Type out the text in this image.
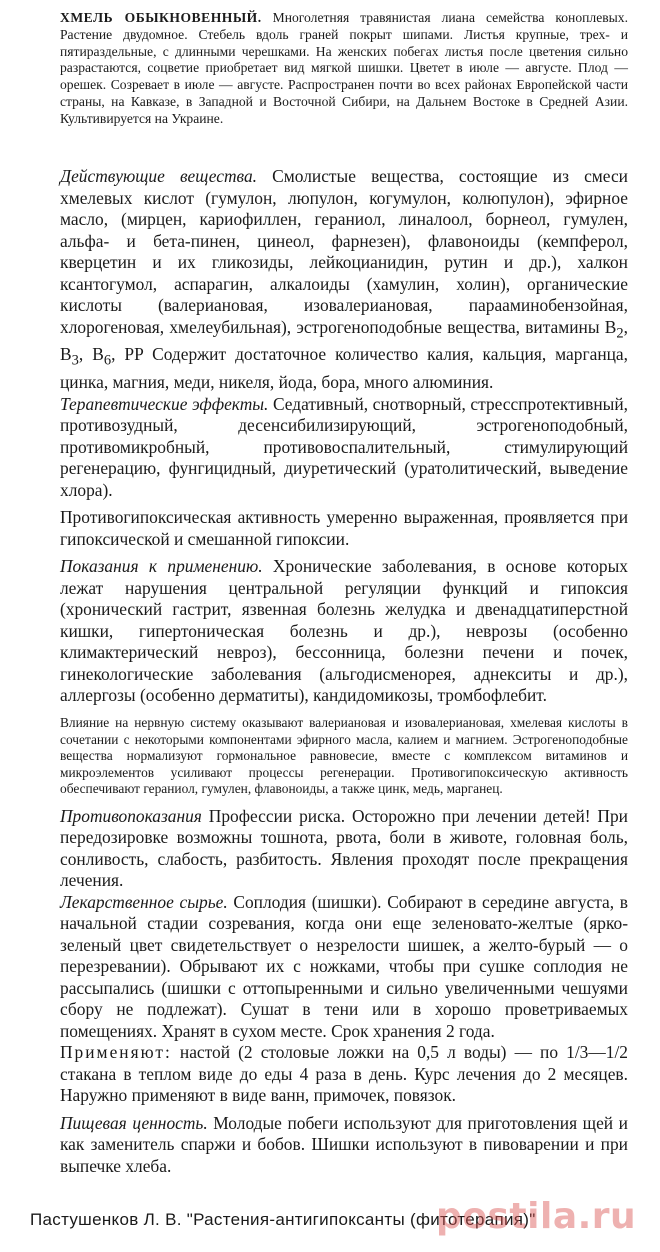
ХМЕЛЬ ОБЫКНОВЕННЫЙ. Многолетняя травянистая лиана семейства коноплевых. Растение двудомное. Стебель вдоль граней покрыт шипами. Листья крупные, трех- и пятираздельные, с длинными черешками. На женских побегах листья после цветения сильно разрастаются, соцветие приобретает вид мягкой шишки. Цветет в июле — августе. Плод — орешек. Созревает в июле — августе. Распространен почти во всех районах Европейской части страны, на Кавказе, в Западной и Восточной Сибири, на Дальнем Востоке в Средней Азии. Культивируется на Украине.

Действующие вещества. Смолистые вещества, состоящие из смеси хмелевых кислот (гумулон, люпулон, когумулон, колюпулон), эфирное масло, (мирцен, кариофиллен, гераниол, линалоол, борнеол, гумулен, альфа- и бета-пинен, цинеол, фарнезен), флавоноиды (кемпферол, кверцетин и их гликозиды, лейкоцианидин, рутин и др.), халкон ксантогумол, аспарагин, алкалоиды (хамулин, холин), органические кислоты (валериановая, изовалериановая, парааминобензойная, хлорогеновая, хмелеубильная), эстрогеноподобные вещества, витамины $B_2$, $B_3$, $B_6$, PP Содержит достаточное количество калия, кальция, марганца, цинка, магния, меди, никеля, йода, бора, много алюминия.

Терапевтические эффекты. Седативный, снотворный, стресспротективный, противозудный, десенсибилизирующий, эстрогеноподобный, противомикробный, противовоспалительный, стимулирующий регенерацию, фунгицидный, диуретический (уратолитический, выведение хлора).

Противогипоксическая активность умеренно выраженная, проявляется при гипоксической и смешанной гипоксии.

Показания к применению. Хронические заболевания, в основе которых лежат нарушения центральной регуляции функций и гипоксия (хронический гастрит, язвенная болезнь желудка и двенадцатиперстной кишки, гипертоническая болезнь и др.), неврозы (особенно климактерический невроз), бессонница, болезни печени и почек, гинекологические заболевания (альгодисменорея, аднекситы и др.), аллергозы (особенно дерматиты), кандидомикозы, тромбофлебит.

Влияние на нервную систему оказывают валериановая и изовалериановая, хмелевая кислоты в сочетании с некоторыми компонентами эфирного масла, калием и магнием. Эстрогеноподобные вещества нормализуют гормональное равновесие, вместе с комплексом витаминов и микроэлементов усиливают процессы регенерации. Противогипоксическую активность обеспечивают гераниол, гумулен, флавоноиды, а также цинк, медь, марганец.

Противопоказания Профессии риска. Осторожно при лечении детей! При передозировке возможны тошнота, рвота, боли в животе, головная боль, сонливость, слабость, разбитость. Явления проходят после прекращения лечения.

Лекарственное сырье. Соплодия (шишки). Собирают в середине августа, в начальной стадии созревания, когда они еще зеленовато-желтые (ярко-зеленый цвет свидетельствует о незрелости шишек, а желто-бурый — о перезревании). Обрывают их с ножками, чтобы при сушке соплодия не рассыпались (шишки с оттопыренными и сильно увеличенными чешуями сбору не подлежат). Сушат в тени или в хорошо проветриваемых помещениях. Хранят в сухом месте. Срок хранения 2 года.

Применяют: настой (2 столовые ложки на 0,5 л воды) — по 1/3—1/2 стакана в теплом виде до еды 4 раза в день. Курс лечения до 2 месяцев. Наружно применяют в виде ванн, примочек, повязок.

Пищевая ценность. Молодые побеги используют для приготовления щей и как заменитель спаржи и бобов. Шишки используют в пивоварении и при выпечке хлеба.

Пастушенков Л. В. "Растения-антигипоксанты (фитотерапия)"
postila.ru
